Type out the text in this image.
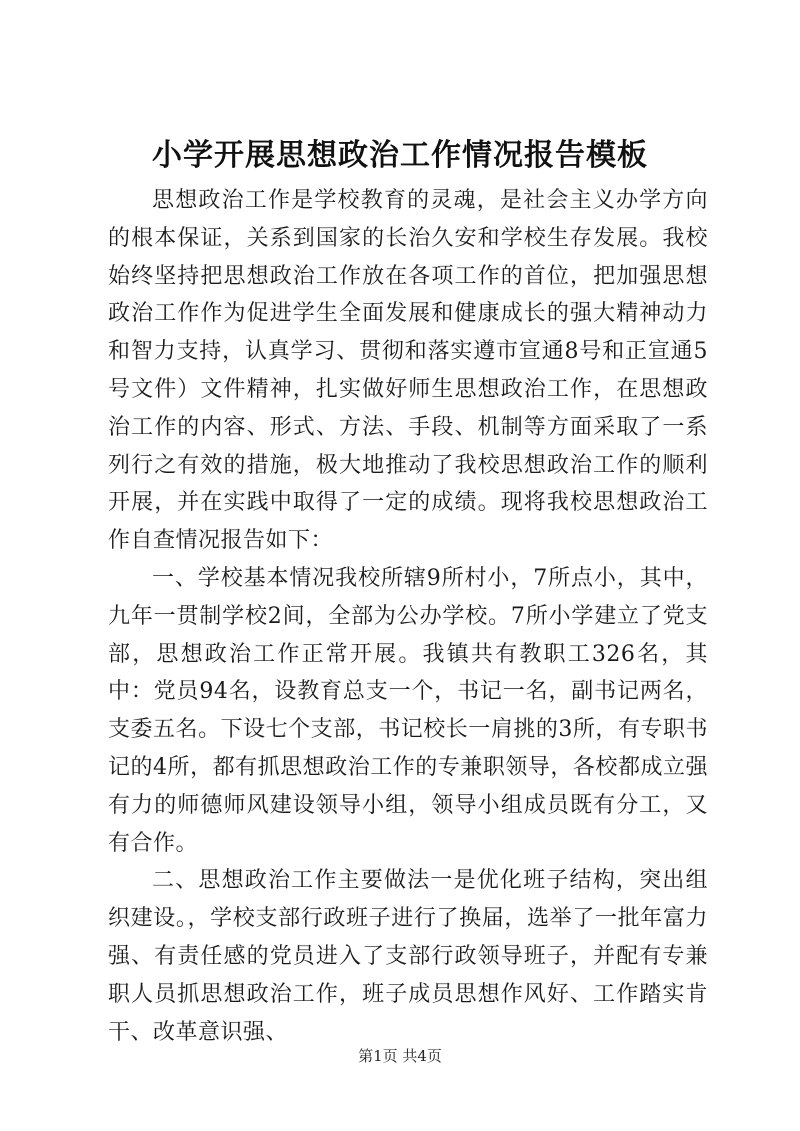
小学开展思想政治工作情况报告模板

思想政治工作是学校教育的灵魂，是社会主义办学方向的根本保证，关系到国家的长治久安和学校生存发展。我校始终坚持把思想政治工作放在各项工作的首位，把加强思想政治工作作为促进学生全面发展和健康成长的强大精神动力和智力支持，认真学习、贯彻和落实遵市宣通8号和正宣通5号文件）文件精神，扎实做好师生思想政治工作，在思想政治工作的内容、形式、方法、手段、机制等方面采取了一系列行之有效的措施，极大地推动了我校思想政治工作的顺利开展，并在实践中取得了一定的成绩。现将我校思想政治工作自查情况报告如下：

一、学校基本情况我校所辖9所村小，7所点小，其中，九年一贯制学校2间，全部为公办学校。7所小学建立了党支部，思想政治工作正常开展。我镇共有教职工326名，其中：党员94名，设教育总支一个，书记一名，副书记两名，支委五名。下设七个支部，书记校长一肩挑的3所，有专职书记的4所，都有抓思想政治工作的专兼职领导，各校都成立强有力的师德师风建设领导小组，领导小组成员既有分工，又有合作。

二、思想政治工作主要做法一是优化班子结构，突出组织建设。，学校支部行政班子进行了换届，选举了一批年富力强、有责任感的党员进入了支部行政领导班子，并配有专兼职人员抓思想政治工作，班子成员思想作风好、工作踏实肯干、改革意识强、

第1页 共4页
